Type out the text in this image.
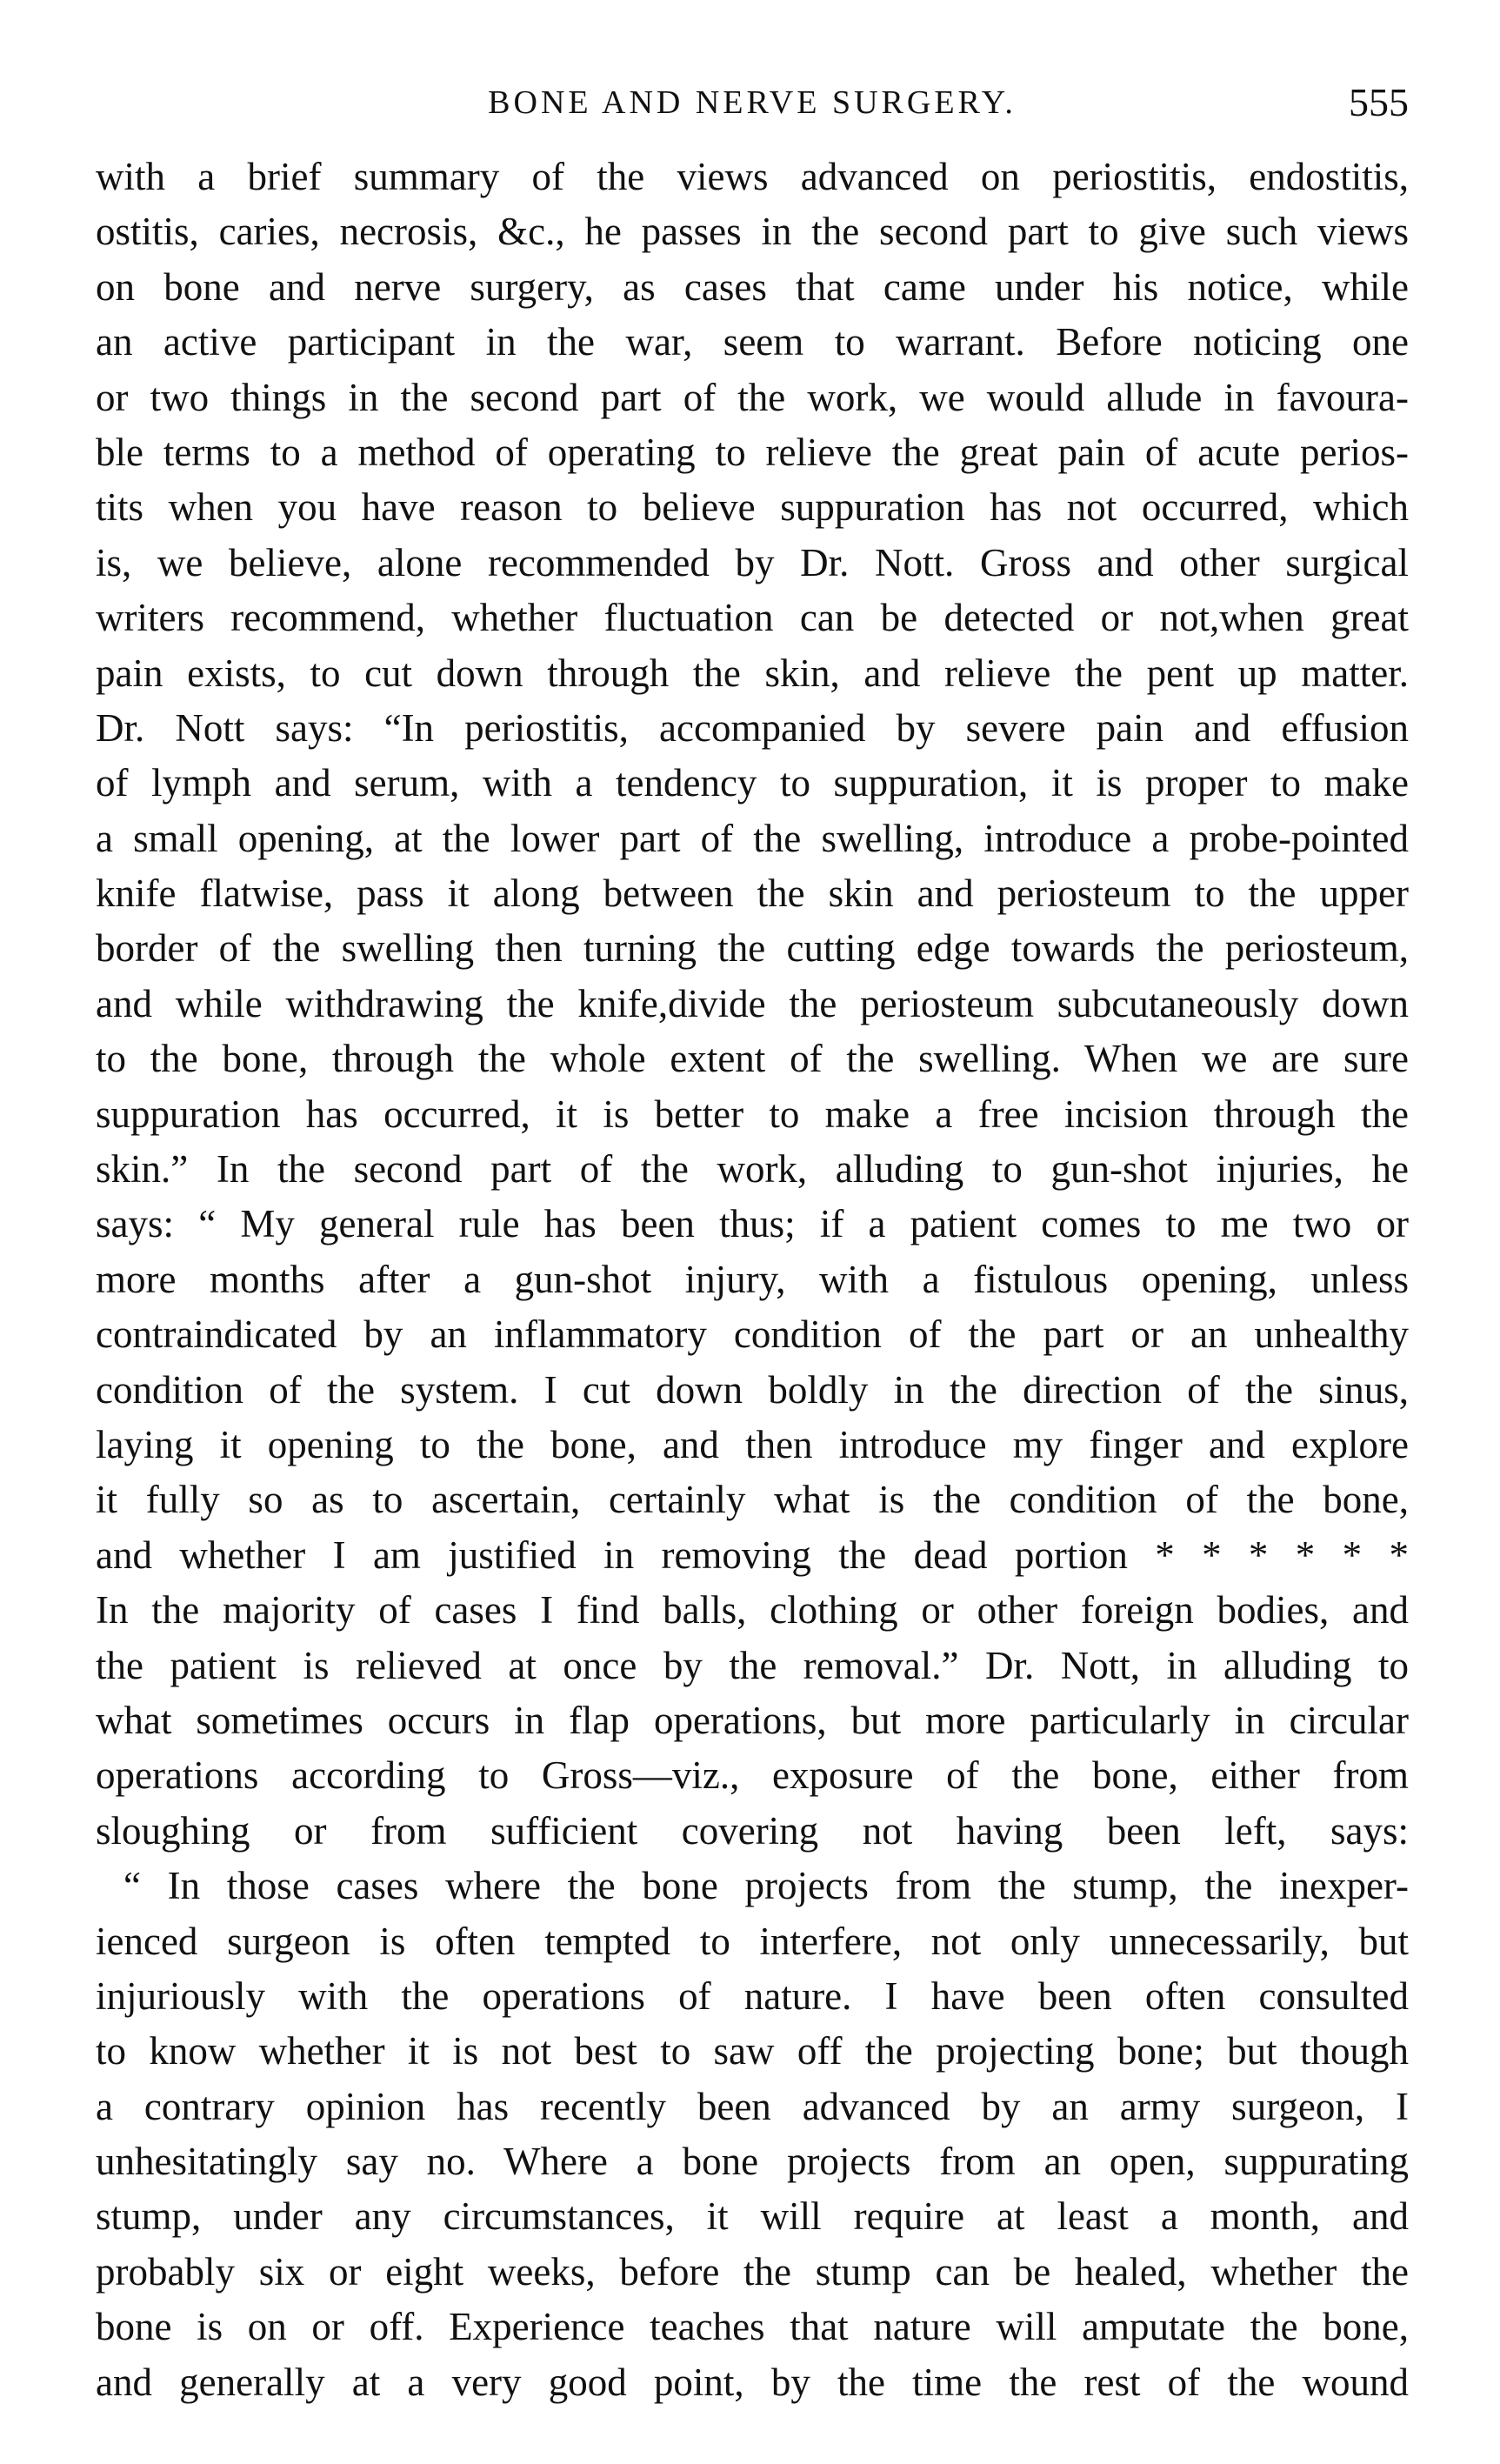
BONE AND NERVE SURGERY.	555
with a brief summary of the views advanced on periostitis, endostitis,
ostitis, caries, necrosis, &c., he passes in the second part to give such views
on bone and nerve surgery, as cases that came under his notice, while
an active participant in the war, seem to warrant. Before noticing one
or two things in the second part of the work, we would allude in favoura-
ble terms to a method of operating to relieve the great pain of acute perios-
tits when you have reason to believe suppuration has not occurred, which
is, we believe, alone recommended by Dr. Nott. Gross and other surgical
writers recommend, whether fluctuation can be detected or not,when great
pain exists, to cut down through the skin, and relieve the pent up matter.
Dr. Nott says: “In periostitis, accompanied by severe pain and effusion
of lymph and serum, with a tendency to suppuration, it is proper to make
a small opening, at the lower part of the swelling, introduce a probe-pointed
knife flatwise, pass it along between the skin and periosteum to the upper
border of the swelling then turning the cutting edge towards the periosteum,
and while withdrawing the knife,divide the periosteum subcutaneously down
to the bone, through the whole extent of the swelling. When we are sure
suppuration has occurred, it is better to make a free incision through the
skin.” In the second part of the work, alluding to gun-shot injuries, he
says: “ My general rule has been thus; if a patient comes to me two or
more months after a gun-shot injury, with a fistulous opening, unless
contraindicated by an inflammatory condition of the part or an unhealthy
condition of the system. I cut down boldly in the direction of the sinus,
laying it opening to the bone, and then introduce my finger and explore
it fully so as to ascertain, certainly what is the condition of the bone,
and whether I am justified in removing the dead portion * * * * * *
In the majority of cases I find balls, clothing or other foreign bodies, and
the patient is relieved at once by the removal.” Dr. Nott, in alluding to
what sometimes occurs in flap operations, but more particularly in circular
operations according to Gross—viz., exposure of the bone, either from
sloughing or from sufficient covering not having been left, says:
“ In those cases where the bone projects from the stump, the inexper-
ienced surgeon is often tempted to interfere, not only unnecessarily, but
injuriously with the operations of nature. I have been often consulted
to know whether it is not best to saw off the projecting bone; but though
a contrary opinion has recently been advanced by an army surgeon, I
unhesitatingly say no. Where a bone projects from an open, suppurating
stump, under any circumstances, it will require at least a month, and
probably six or eight weeks, before the stump can be healed, whether the
bone is on or off. Experience teaches that nature will amputate the bone,
and generally at a very good point, by the time the rest of the wound
